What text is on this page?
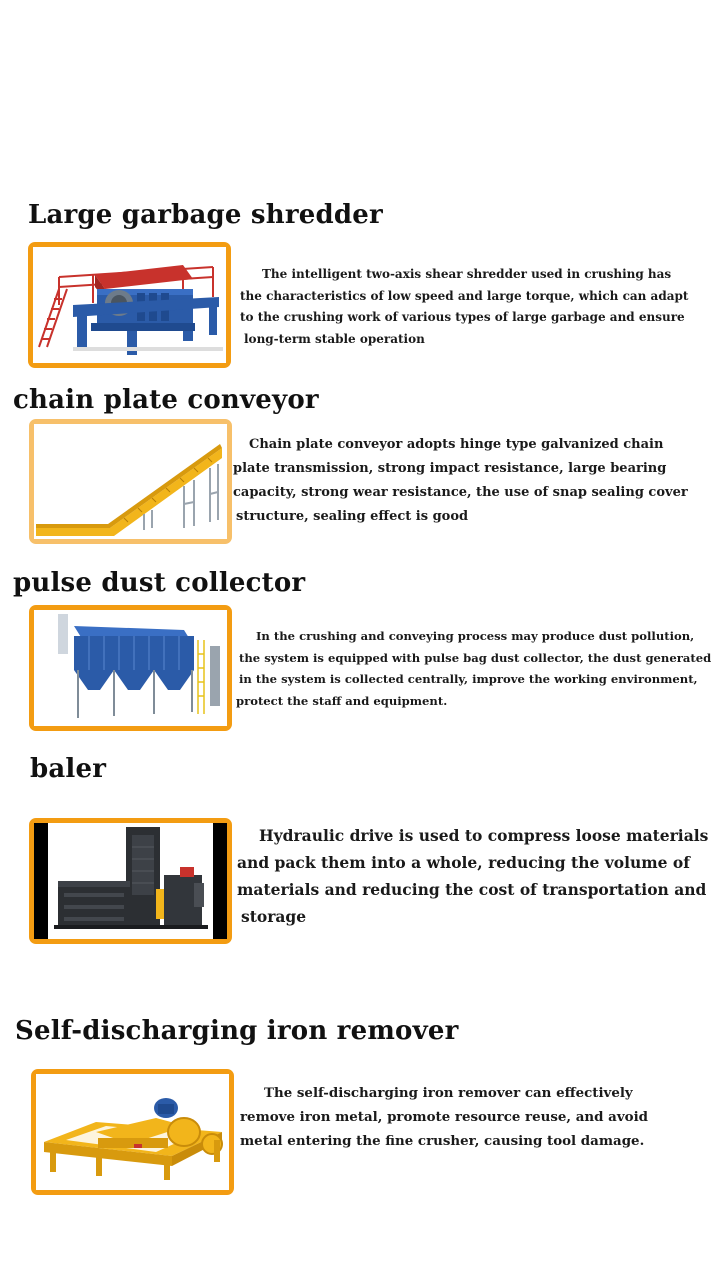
Large garbage shredder

The intelligent two-axis shear shredder used in crushing has
the characteristics of low speed and large torque, which can adapt
to the crushing work of various types of large garbage and ensure
long-term stable operation

chain plate conveyor

Chain plate conveyor adopts hinge type galvanized chain
plate transmission, strong impact resistance, large bearing
capacity, strong wear resistance, the use of snap sealing cover
structure, sealing effect is good

pulse dust collector

In the crushing and conveying process may produce dust pollution,
the system is equipped with pulse bag dust collector, the dust generated
in the system is collected centrally, improve the working environment,
protect the staff and equipment.

baler

Hydraulic drive is used to compress loose materials
and pack them into a whole, reducing the volume of
materials and reducing the cost of transportation and
storage

Self-discharging iron remover

The self-discharging iron remover can effectively
remove iron metal, promote resource reuse, and avoid
metal entering the fine crusher, causing tool damage.
